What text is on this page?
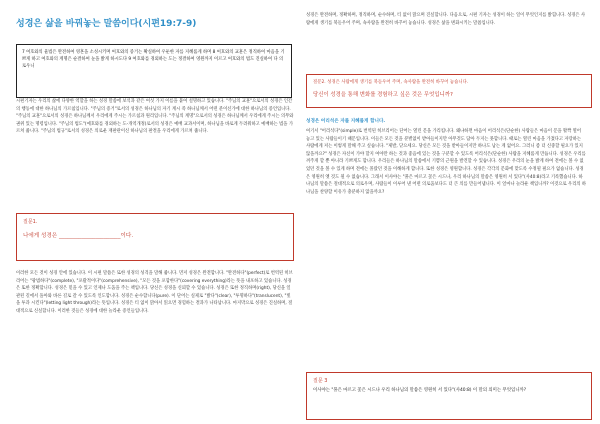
성경은 삶을 바꿔놓는 말씀이다(시편19:7-9)
7 여호와의 율법은 완전하여 영혼을 소성시키며 여호와의 증거는 확실하여 우둔한 자를 지혜롭게 하며 8 여호와의 교훈은 정직하여 마음을 기쁘게 하고 여호와의 계명은 순결하여 눈을 밝게 하시도다 9 여호와를 경외하는 도는 정결하여 영원까지 이르고 여호와의 법도 진실하여 다 의로우니
시편기자는 우리의 삶에 다양한 역할을 하는 성경 말씀에 보석과 같은 여섯 가지 이름을 붙여 설명하고 있습니다. "주님의 교훈"으로서의 성경은 인간의 행동에 대한 하나님의 가르침입니다. "주님의 증거"로서의 성경은 하나님의 자기 계시 즉 하나님께서 어떤 분이신가에 대한 하나님의 증언입니다. "주님의 교훈"으로서의 성경은 하나님께서 우리에게 주시는 가르침과 원리입니다. "주님의 계명"으로서의 성경은 하나님께서 우리에게 주시는 의무와 권위 있는 명령입니다. "주님의 법도"(예호와를 경외하는 도-개역개정)로서의 성경은 예배 교과서이며, 하나님을 바로게 두려워하고 예배하는 법을 가르쳐 줍니다. "주님의 법규"로서의 성경은 의로운 재판관이신 하나님의 판결을 우리에게 가르쳐 줍니다.
질문1.
나에게 성경은 ______________________이다.
이러한 모든 것이 성경 안에 있습니다. 이 시편 말씀은 또한 성경의 성격을 말해 줍니다. 먼저 성경은 완전합니다. "완전하다"(perfect)로 번역된 히브리어는 "광범하다"(complete), "포괄적이다"(comprehensive), "모든 것을 포함한다"(covering everything)라는 뜻을 내포하고 있습니다. 성경은 또한 정확합니다. 성경은 믿을 수 있고 언제나 도움을 주는 책입니다. 당신은 성경을 신뢰할 수 있습니다. 성경은 또한 정직하며(right), 당신을 일관된 길에서 돌아와 바른 길로 갈 수 있도록 인도합니다. 성경은 순수합니다(pure). 이 단어는 실제로 "밝다"(clear), "투명하다"(translucent), "빛을 투과 시킨다"(letting light through)라는 뜻입니다. 성경은 티 없이 맑아서 읽으면 경험하는 결과가 나타납니다. 마지막으로 성경은 진실하며, 절대적으로 신실합니다. 이러한 것들은 성경에 대한 놀라운 증언들입니다.
성경은 완전하며, 정확하며, 정직하며, 순수하며, 티 없이 맑으며 진실합니다. 다음으로, 시편 기자는 성경이 하는 일이 무엇인지를 밝힙니다. 성경은 사람에게 생기를 북돋우어 주며, 속사람을 완전히 바꾸어 놓습니다. 성경은 삶을 변화시키는 말씀입니다.
질문2. 성경은 사람에게 생기를 북돋우어 주며, 속사람을 완전히 바꾸어 놓습니다.
당신이 성경을 통해 변화를 경험하고 싶은 것은 무엇입니까?
성경은 어리석은 자를 지혜롭게 합니다.
여기서 "어리석다"(simple)로 번역된 히브리어는 단어는 열린 문을 가리킵니다. 왜냐하면 마음이 어리석은(단순한) 사람들은 마음이 문을 활짝 열어 놓고 있는 사람들이기 때문입니다. 이들은 모든 것을 분별없이 받아들이지만 아무것도 담아 두지는 못합니다. 때로는 열린 마음을 가졌다고 자랑하는 사람에게 저는 이렇게 말해 주고 싶습니다. "제발, 닫으세요. 당신은 모든 것을 받아들이지만 하나도 남는 게 없어요. 그러니 좀 더 신중할 필요가 있지 않을까요?" 성경은 자신이 가야 할지 여야만 하는 것과 좋음에 있는 것을 구분할 수 있도록 어리석은(단순한) 사람을 지혜롭게 만듭니다. 성경은 우리를 꺼주게 할 뿐 아니라 기쁘게도 합니다. 우리들은 하나님의 말씀에서 기쁨의 근원을 발견할 수 있습니다. 성경은 우리의 눈을 밝게 하여 전에는 볼 수 없었던 것을 볼 수 있게 하며 전에는 몰랐던 것을 이해하게 합니다. 또한 성경은 영원합니다. 성경은 각각의 문화에 맞도록 수정될 필요가 없습니다. 성경은 영원히 옛 것도 될 수 없습니다. 그래서 이사야는 "풀은 마르고 꽃은 시드나, 우리 하나님의 말씀은 영원히 서 있다"(사40:8)라고 기록했습니다. 하나님의 말씀은 절대적으로 의로우며, 사람들이 이루어 낸 어떤 의로움보다도 더 큰 의를 만들어냅니다. 이 얼마나 놀라운 책입니까? 이것으로 우리의 하나님을 찬양할 이유가 충분하지 않을까요?
질문 3
이사야는 "풀은 마르고 꽃은 시드나 우리 하나님의 말씀은 영원히 서 있다"(사40:8) 이 말의 의미는 무엇입니까?
